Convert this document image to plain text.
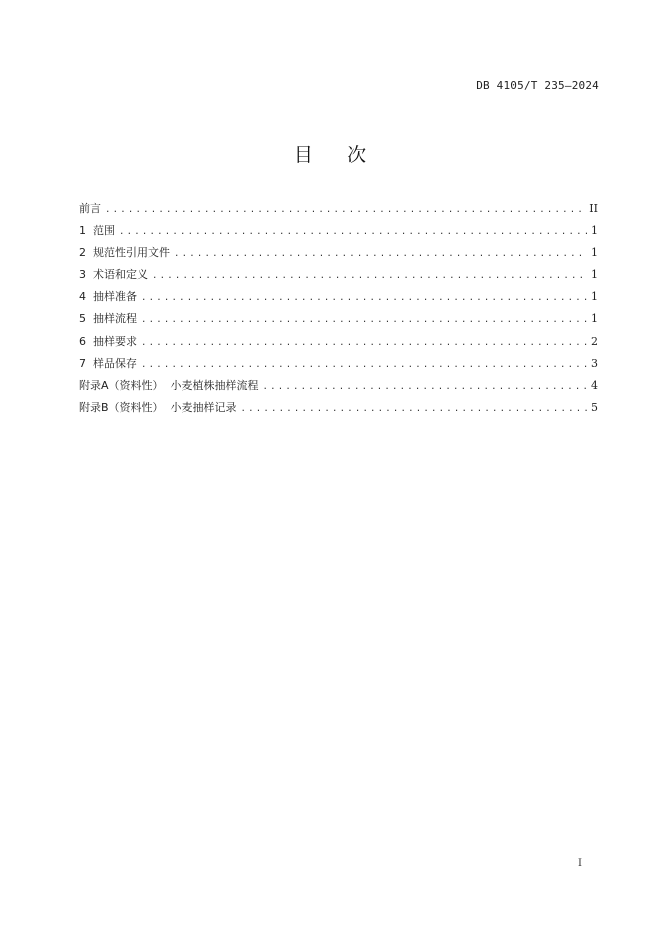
DB 4105/T 235—2024
目    次
前言 .....	II
1  范围 .....	1
2  规范性引用文件 .....	1
3  术语和定义 .....	1
4  抽样准备 .....	1
5  抽样流程 .....	1
6  抽样要求 .....	2
7  样品保存 .....	3
附录A（资料性）  小麦植株抽样流程 .....	4
附录B（资料性）  小麦抽样记录 .....	5
I
